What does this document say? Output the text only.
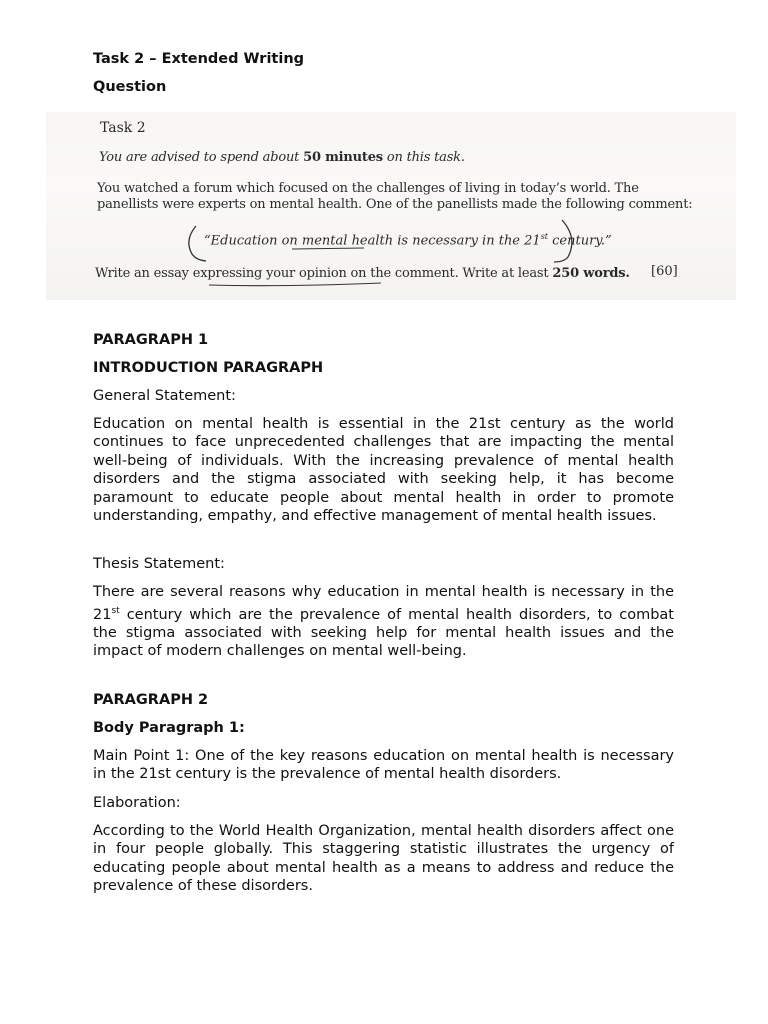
Task 2 – Extended Writing
Question
Task 2
You are advised to spend about 50 minutes on this task.
You watched a forum which focused on the challenges of living in today’s world. The panellists were experts on mental health. One of the panellists made the following comment:
“Education on mental health is necessary in the 21st century.”
Write an essay expressing your opinion on the comment. Write at least 250 words. [60]
PARAGRAPH 1
INTRODUCTION PARAGRAPH
General Statement:
Education on mental health is essential in the 21st century as the world continues to face unprecedented challenges that are impacting the mental well-being of individuals. With the increasing prevalence of mental health disorders and the stigma associated with seeking help, it has become paramount to educate people about mental health in order to promote understanding, empathy, and effective management of mental health issues.
Thesis Statement:
There are several reasons why education in mental health is necessary in the 21st century which are the prevalence of mental health disorders, to combat the stigma associated with seeking help for mental health issues and the impact of modern challenges on mental well-being.
PARAGRAPH 2
Body Paragraph 1:
Main Point 1: One of the key reasons education on mental health is necessary in the 21st century is the prevalence of mental health disorders.
Elaboration:
According to the World Health Organization, mental health disorders affect one in four people globally. This staggering statistic illustrates the urgency of educating people about mental health as a means to address and reduce the prevalence of these disorders.
